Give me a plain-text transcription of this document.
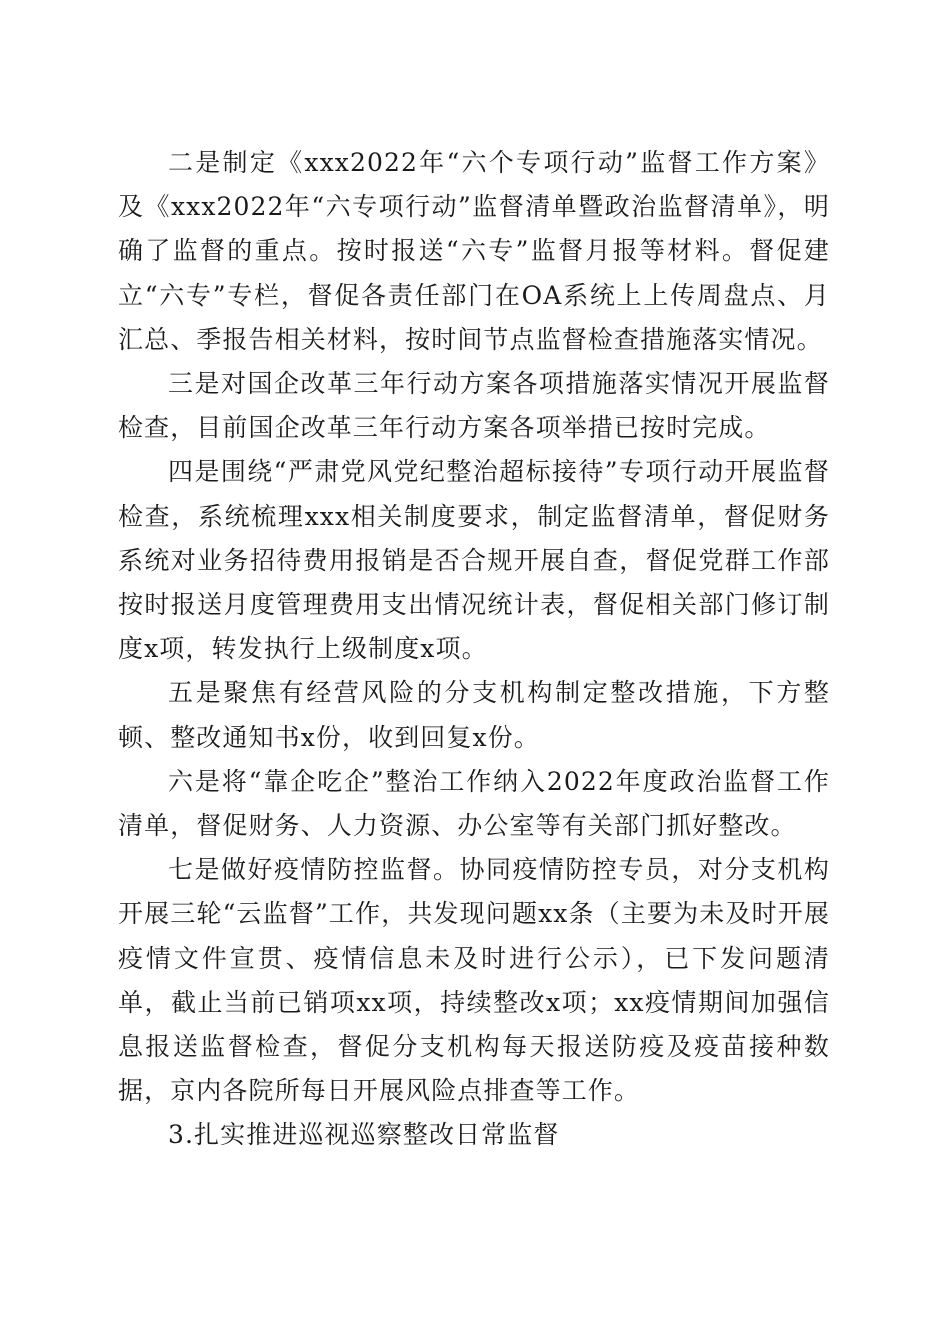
二是制定《xxx2022年“六个专项行动”监督工作方案》及《xxx2022年“六专项行动”监督清单暨政治监督清单》，明确了监督的重点。按时报送“六专”监督月报等材料。督促建立“六专”专栏，督促各责任部门在OA系统上上传周盘点、月汇总、季报告相关材料，按时间节点监督检查措施落实情况。

三是对国企改革三年行动方案各项措施落实情况开展监督检查，目前国企改革三年行动方案各项举措已按时完成。

四是围绕“严肃党风党纪整治超标接待”专项行动开展监督检查，系统梳理xxx相关制度要求，制定监督清单，督促财务系统对业务招待费用报销是否合规开展自查，督促党群工作部按时报送月度管理费用支出情况统计表，督促相关部门修订制度x项，转发执行上级制度x项。

五是聚焦有经营风险的分支机构制定整改措施，下方整顿、整改通知书x份，收到回复x份。

六是将“靠企吃企”整治工作纳入2022年度政治监督工作清单，督促财务、人力资源、办公室等有关部门抓好整改。

七是做好疫情防控监督。协同疫情防控专员，对分支机构开展三轮“云监督”工作，共发现问题xx条（主要为未及时开展疫情文件宣贯、疫情信息未及时进行公示），已下发问题清单，截止当前已销项xx项，持续整改x项；xx疫情期间加强信息报送监督检查，督促分支机构每天报送防疫及疫苗接种数据，京内各院所每日开展风险点排查等工作。

3.扎实推进巡视巡察整改日常监督
